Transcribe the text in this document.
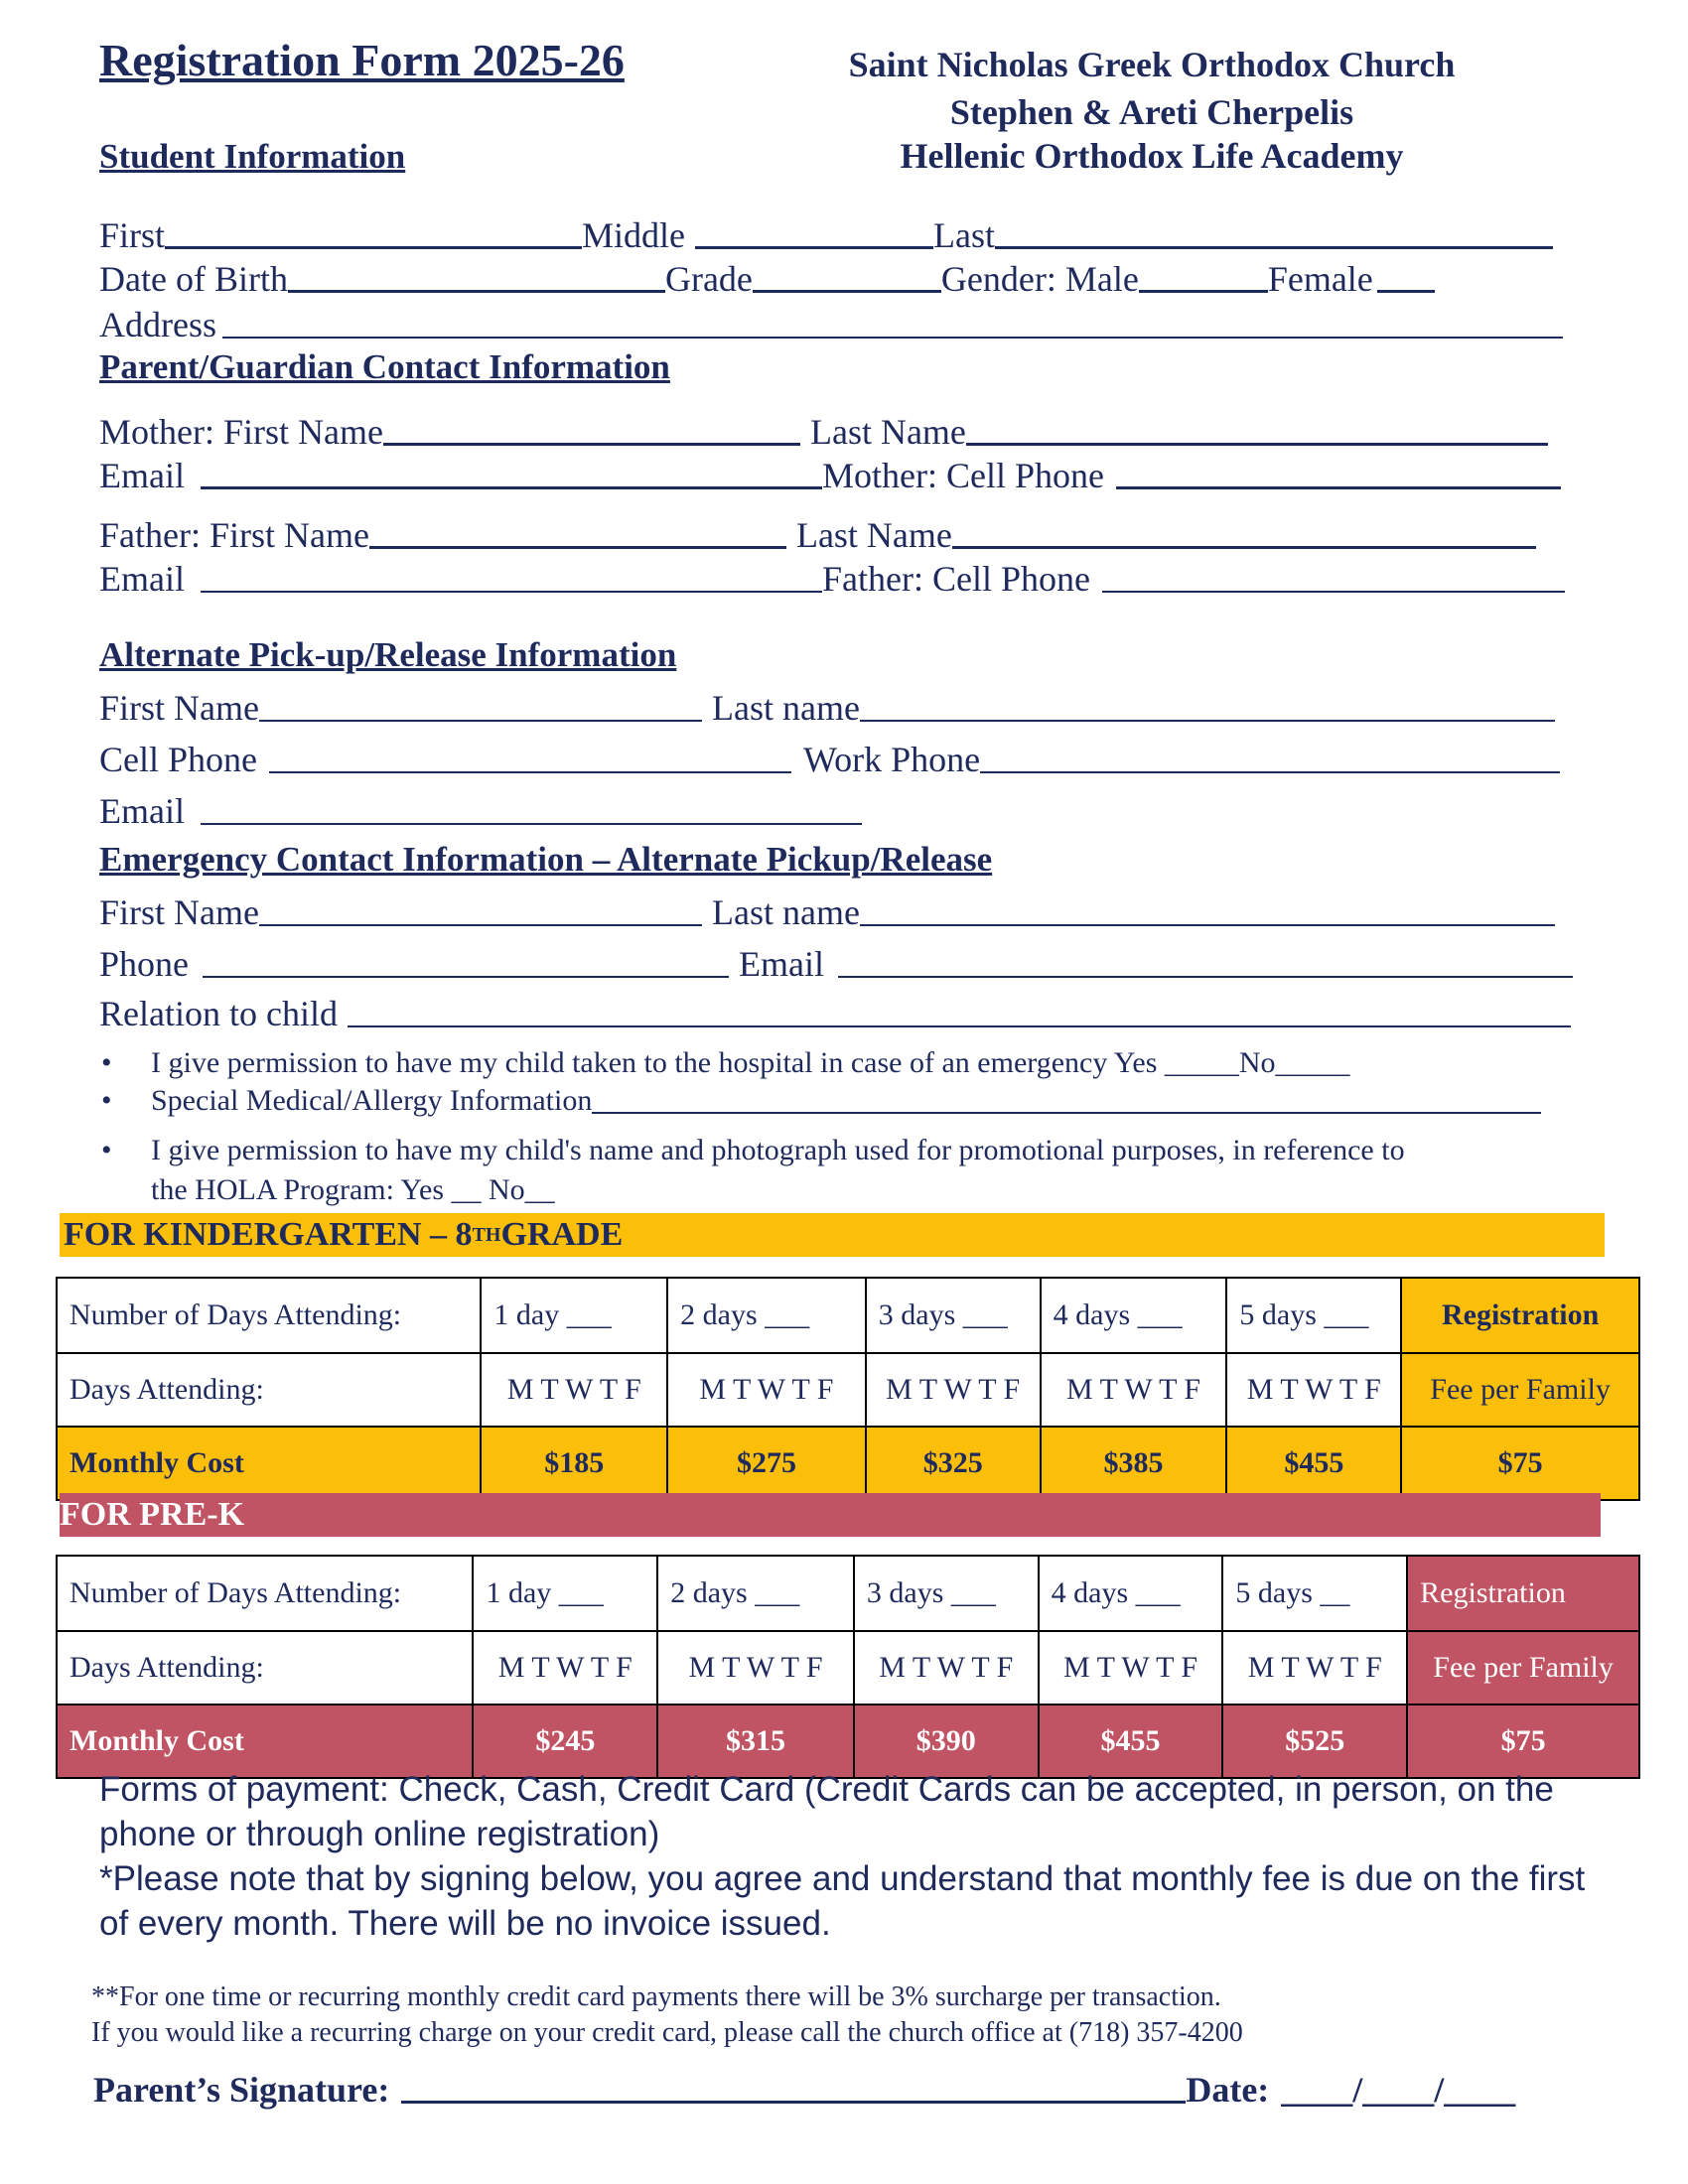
Registration Form 2025-26	Saint Nicholas Greek Orthodox Church
Stephen & Areti Cherpelis
Hellenic Orthodox Life Academy
Student Information
First	Middle	Last
Date of Birth	Grade	Gender: Male	Female
Address
Parent/Guardian Contact Information
Mother: First Name	Last Name
Email	Mother: Cell Phone
Father: First Name	Last Name
Email	Father: Cell Phone
Alternate Pick-up/Release Information
First Name	Last name
Cell Phone	Work Phone
Email
Emergency Contact Information – Alternate Pickup/Release
First Name	Last name
Phone	Email
Relation to child
•	I give permission to have my child taken to the hospital in case of an emergency Yes _____No_____
•	Special Medical/Allergy Information
•	I give permission to have my child's name and photograph used for promotional purposes, in reference to
the HOLA Program: Yes __ No__
FOR KINDERGARTEN – 8 TH GRADE
Number of Days Attending:	1 day ___	2 days ___	3 days ___	4 days ___	5 days ___	Registration
Days Attending:	M T W T F	M T W T F	M T W T F	M T W T F	M T W T F	Fee per Family
Monthly Cost	$185	$275	$325	$385	$455	$75
FOR PRE-K
Number of Days Attending:	1 day ___	2 days ___	3 days ___	4 days ___	5 days __	Registration
Days Attending:	M T W T F	M T W T F	M T W T F	M T W T F	M T W T F	Fee per Family
Monthly Cost	$245	$315	$390	$455	$525	$75
Forms of payment: Check, Cash, Credit Card (Credit Cards can be accepted, in person, on the phone or through online registration)
*Please note that by signing below, you agree and understand that monthly fee is due on the first of every month. There will be no invoice issued.
**For one time or recurring monthly credit card payments there will be 3% surcharge per transaction.
If you would like a recurring charge on your credit card, please call the church office at (718) 357-4200
Parent’s Signature:	Date: ____/____/____
